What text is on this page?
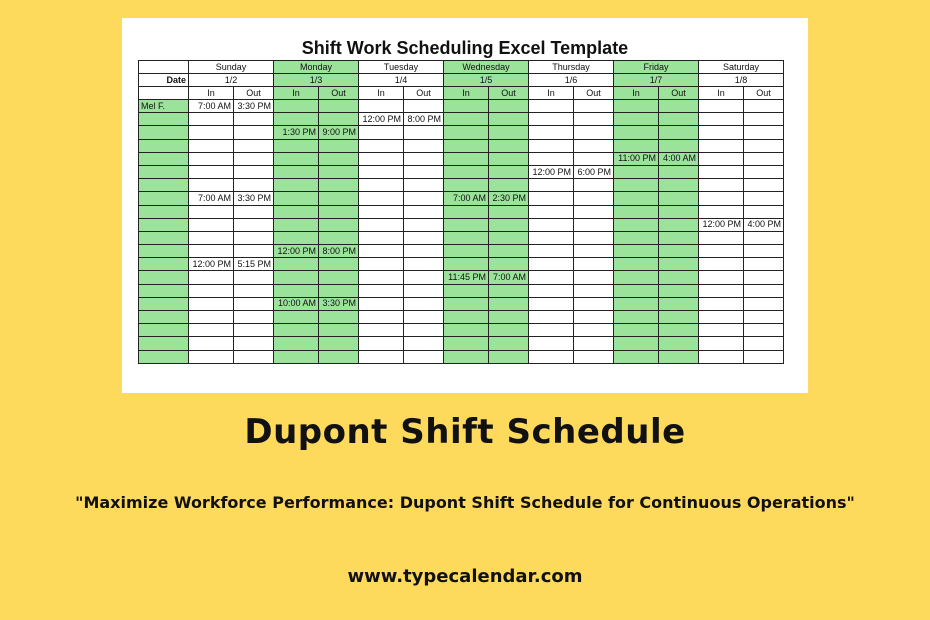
Shift Work Scheduling Excel Template
	Sunday		Monday		Tuesday		Wednesday		Thursday		Friday		Saturday	
Date	1/2		1/3		1/4		1/5		1/6		1/7		1/8	
	In	Out	In	Out	In	Out	In	Out	In	Out	In	Out	In	Out
Mel F.	7:00 AM	3:30 PM												
					12:00 PM	8:00 PM								
			1:30 PM	9:00 PM										

											11:00 PM	4:00 AM		
									12:00 PM	6:00 PM				

	7:00 AM	3:30 PM					7:00 AM	2:30 PM						

													12:00 PM	4:00 PM

			12:00 PM	8:00 PM										
	12:00 PM	5:15 PM												
							11:45 PM	7:00 AM						

			10:00 AM	3:30 PM										

Dupont Shift Schedule
"Maximize Workforce Performance: Dupont Shift Schedule for Continuous Operations"
www.typecalendar.com
